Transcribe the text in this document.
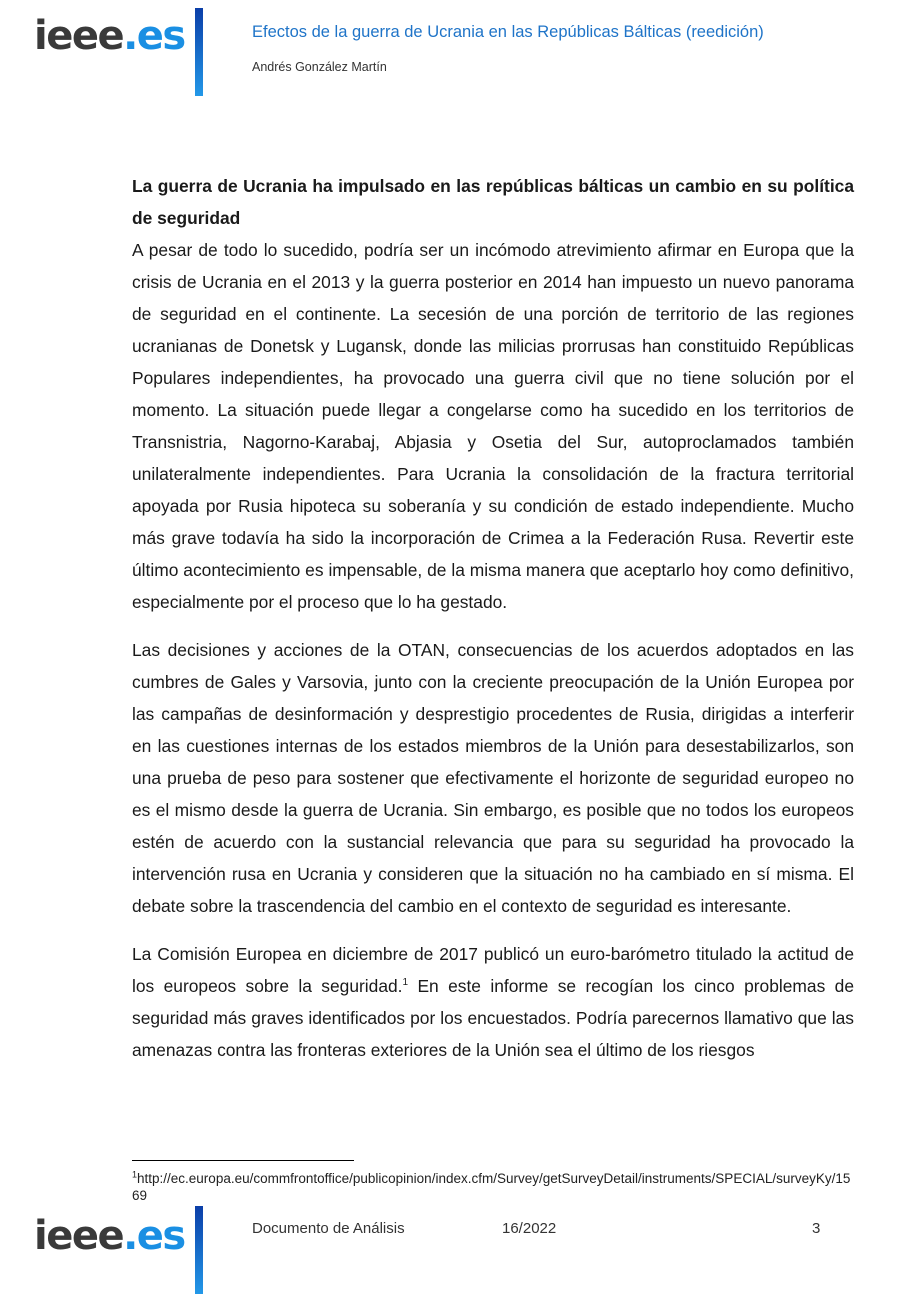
ieee.es	Efectos de la guerra de Ucrania en las Repúblicas Bálticas (reedición)
Andrés González Martín
La guerra de Ucrania ha impulsado en las repúblicas bálticas un cambio en su política de seguridad

A pesar de todo lo sucedido, podría ser un incómodo atrevimiento afirmar en Europa que la crisis de Ucrania en el 2013 y la guerra posterior en 2014 han impuesto un nuevo panorama de seguridad en el continente. La secesión de una porción de territorio de las regiones ucranianas de Donetsk y Lugansk, donde las milicias prorrusas han constituido Repúblicas Populares independientes, ha provocado una guerra civil que no tiene solución por el momento. La situación puede llegar a congelarse como ha sucedido en los territorios de Transnistria, Nagorno-Karabaj, Abjasia y Osetia del Sur, autoproclamados también unilateralmente independientes. Para Ucrania la consolidación de la fractura territorial apoyada por Rusia hipoteca su soberanía y su condición de estado independiente. Mucho más grave todavía ha sido la incorporación de Crimea a la Federación Rusa. Revertir este último acontecimiento es impensable, de la misma manera que aceptarlo hoy como definitivo, especialmente por el proceso que lo ha gestado.

Las decisiones y acciones de la OTAN, consecuencias de los acuerdos adoptados en las cumbres de Gales y Varsovia, junto con la creciente preocupación de la Unión Europea por las campañas de desinformación y desprestigio procedentes de Rusia, dirigidas a interferir en las cuestiones internas de los estados miembros de la Unión para desestabilizarlos, son una prueba de peso para sostener que efectivamente el horizonte de seguridad europeo no es el mismo desde la guerra de Ucrania. Sin embargo, es posible que no todos los europeos estén de acuerdo con la sustancial relevancia que para su seguridad ha provocado la intervención rusa en Ucrania y consideren que la situación no ha cambiado en sí misma. El debate sobre la trascendencia del cambio en el contexto de seguridad es interesante.

La Comisión Europea en diciembre de 2017 publicó un euro-barómetro titulado la actitud de los europeos sobre la seguridad.$^1$ En este informe se recogían los cinco problemas de seguridad más graves identificados por los encuestados. Podría parecernos llamativo que las amenazas contra las fronteras exteriores de la Unión sea el último de los riesgos

$^1$http://ec.europa.eu/commfrontoffice/publicopinion/index.cfm/Survey/getSurveyDetail/instruments/SPECIAL/surveyKy/1569
ieee.es	Documento de Análisis	16/2022	3
